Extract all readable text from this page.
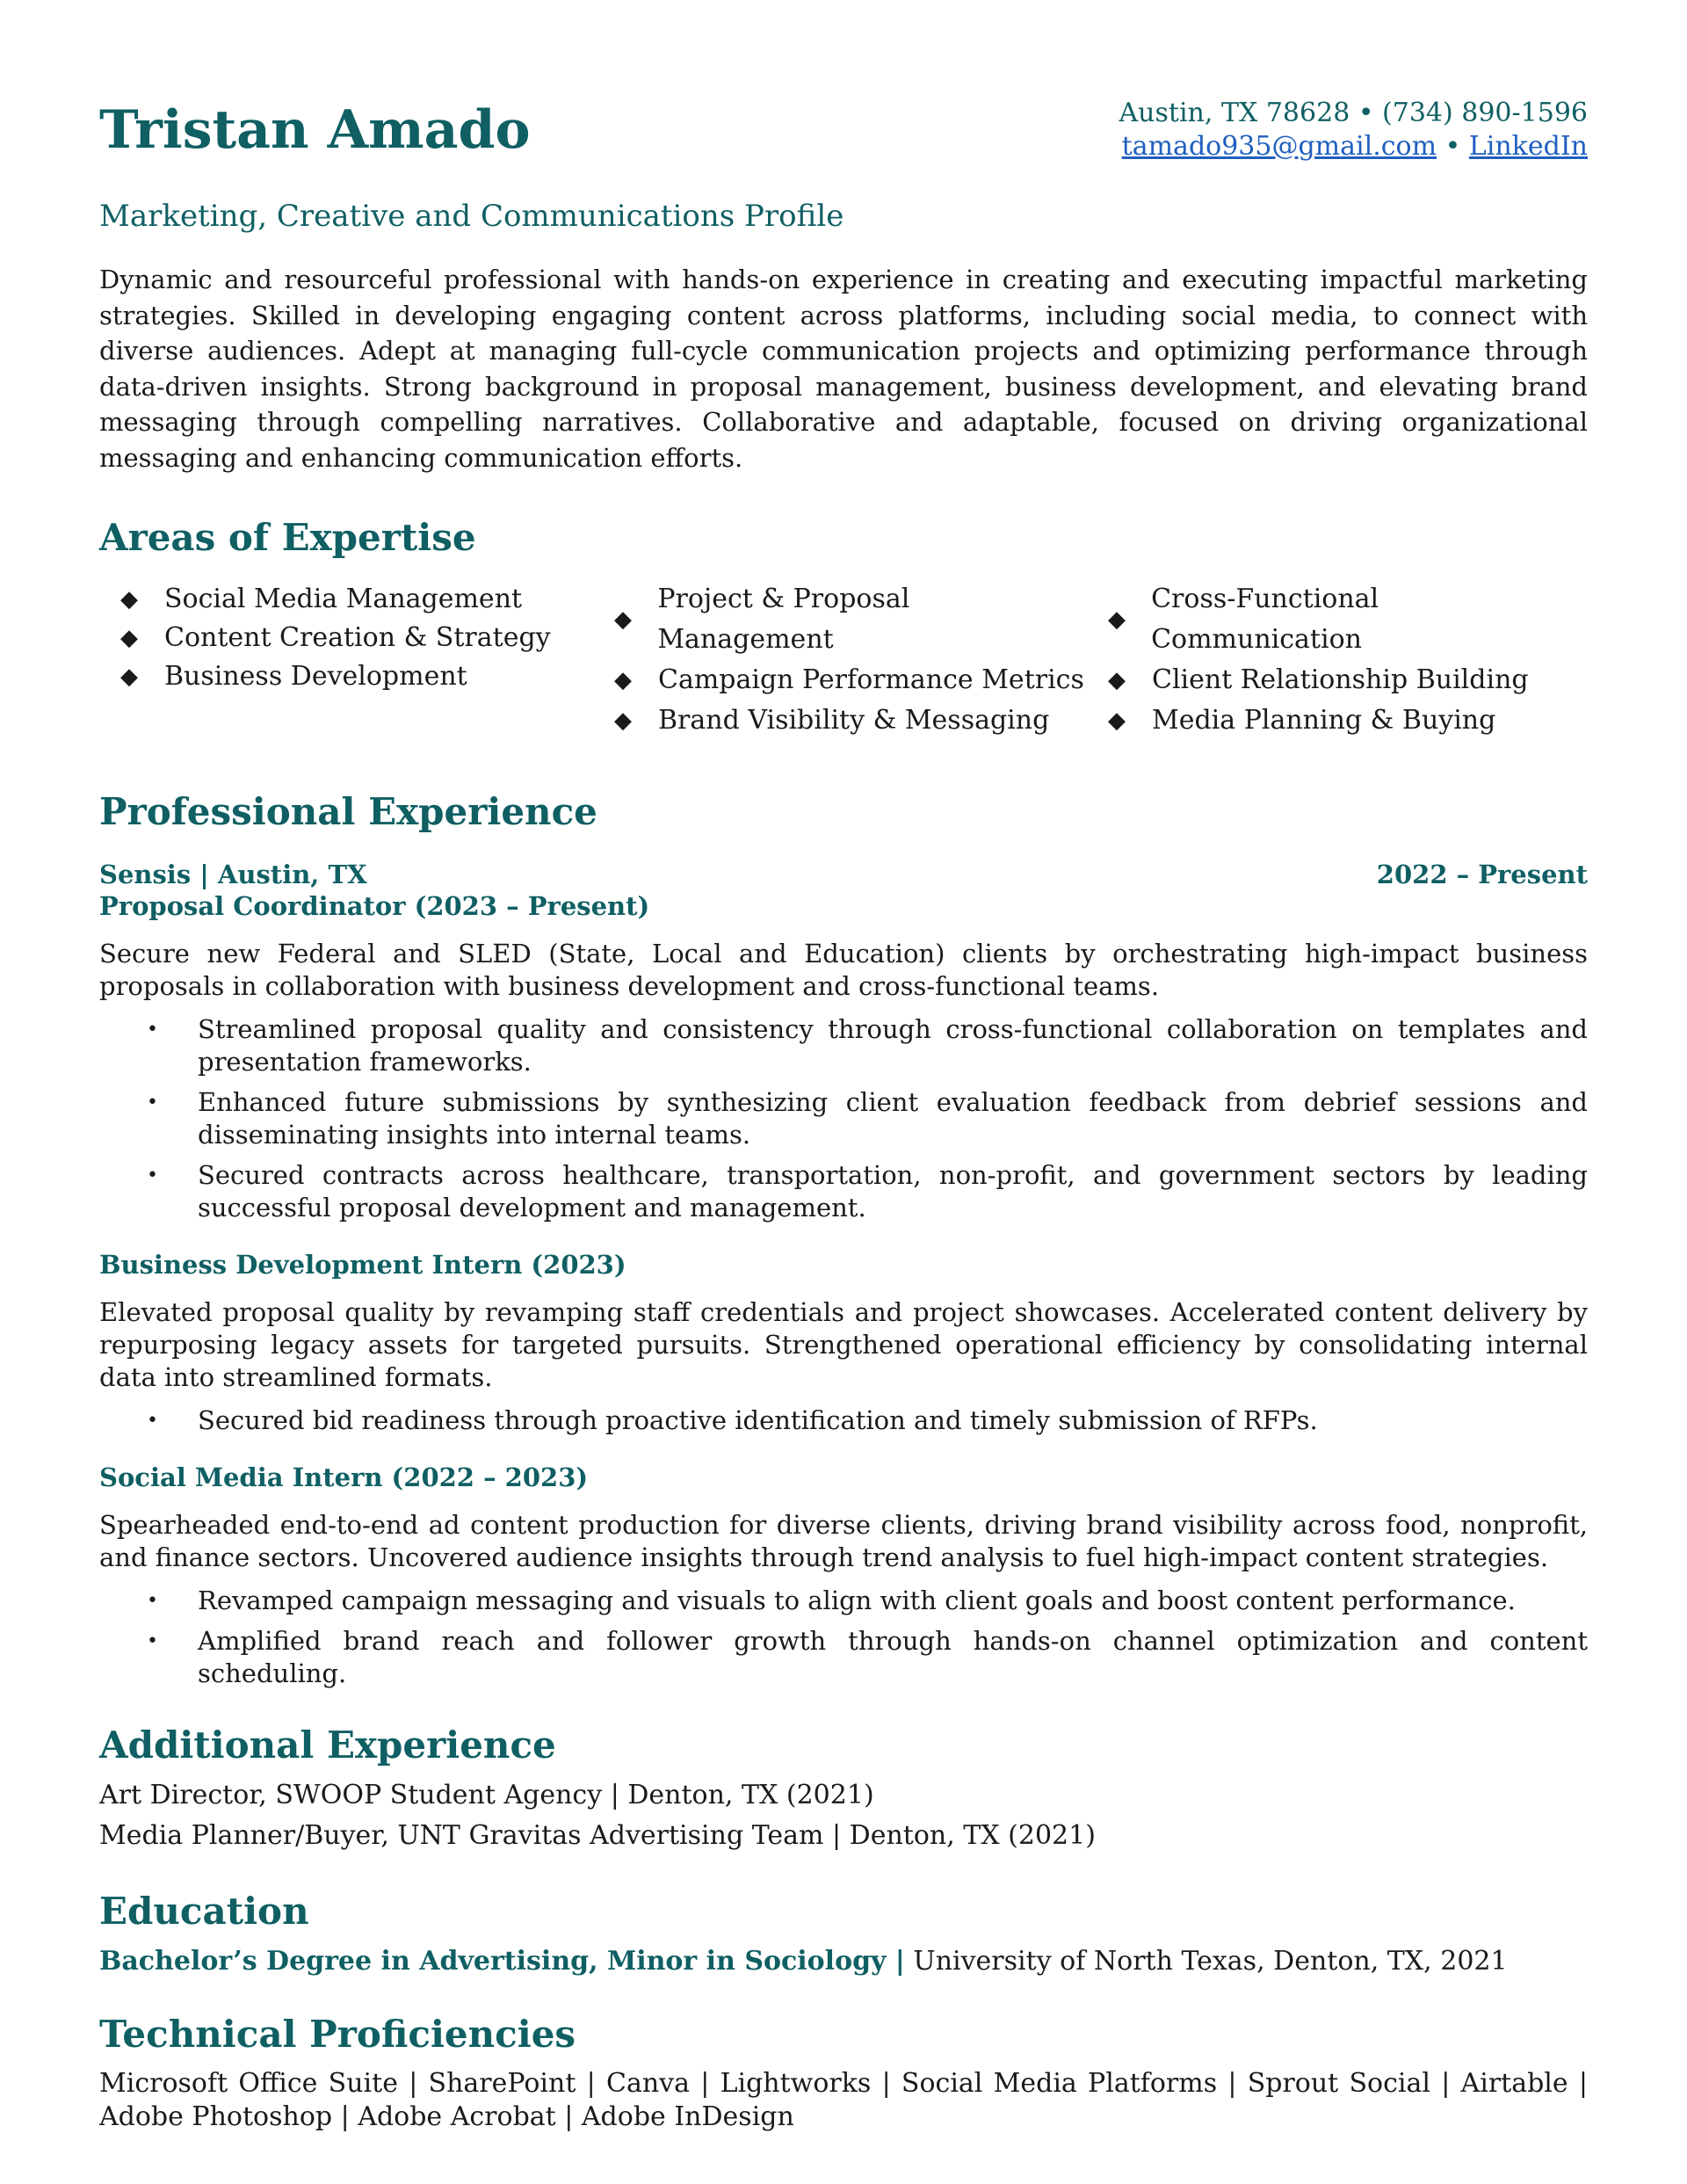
Tristan Amado	Austin, TX 78628 • (734) 890-1596
tamado935@gmail.com • LinkedIn
Marketing, Creative and Communications Profile
Dynamic and resourceful professional with hands-on experience in creating and executing impactful marketing strategies. Skilled in developing engaging content across platforms, including social media, to connect with diverse audiences. Adept at managing full-cycle communication projects and optimizing performance through data-driven insights. Strong background in proposal management, business development, and elevating brand messaging through compelling narratives. Collaborative and adaptable, focused on driving organizational messaging and enhancing communication efforts.
Areas of Expertise
◆	Social Media Management
◆	Content Creation & Strategy
◆	Business Development
◆
Project & Proposal Management
◆	Campaign Performance Metrics
◆	Brand Visibility & Messaging
◆
Cross-Functional Communication
◆	Client Relationship Building
◆	Media Planning & Buying
Professional Experience
Sensis | Austin, TX	2022 – Present
Proposal Coordinator (2023 – Present)
Secure new Federal and SLED (State, Local and Education) clients by orchestrating high-impact business proposals in collaboration with business development and cross-functional teams.
• Streamlined proposal quality and consistency through cross-functional collaboration on templates and presentation frameworks.
• Enhanced future submissions by synthesizing client evaluation feedback from debrief sessions and disseminating insights into internal teams.
• Secured contracts across healthcare, transportation, non-profit, and government sectors by leading successful proposal development and management.
Business Development Intern (2023)
Elevated proposal quality by revamping staff credentials and project showcases. Accelerated content delivery by repurposing legacy assets for targeted pursuits. Strengthened operational efficiency by consolidating internal data into streamlined formats.
• Secured bid readiness through proactive identification and timely submission of RFPs.
Social Media Intern (2022 – 2023)
Spearheaded end-to-end ad content production for diverse clients, driving brand visibility across food, nonprofit, and finance sectors. Uncovered audience insights through trend analysis to fuel high-impact content strategies.
• Revamped campaign messaging and visuals to align with client goals and boost content performance.
• Amplified brand reach and follower growth through hands-on channel optimization and content scheduling.
Additional Experience
Art Director, SWOOP Student Agency | Denton, TX (2021)
Media Planner/Buyer, UNT Gravitas Advertising Team | Denton, TX (2021)
Education
Bachelor’s Degree in Advertising, Minor in Sociology | University of North Texas, Denton, TX, 2021
Technical Proficiencies
Microsoft Office Suite | SharePoint | Canva | Lightworks | Social Media Platforms | Sprout Social | Airtable | Adobe Photoshop | Adobe Acrobat | Adobe InDesign
